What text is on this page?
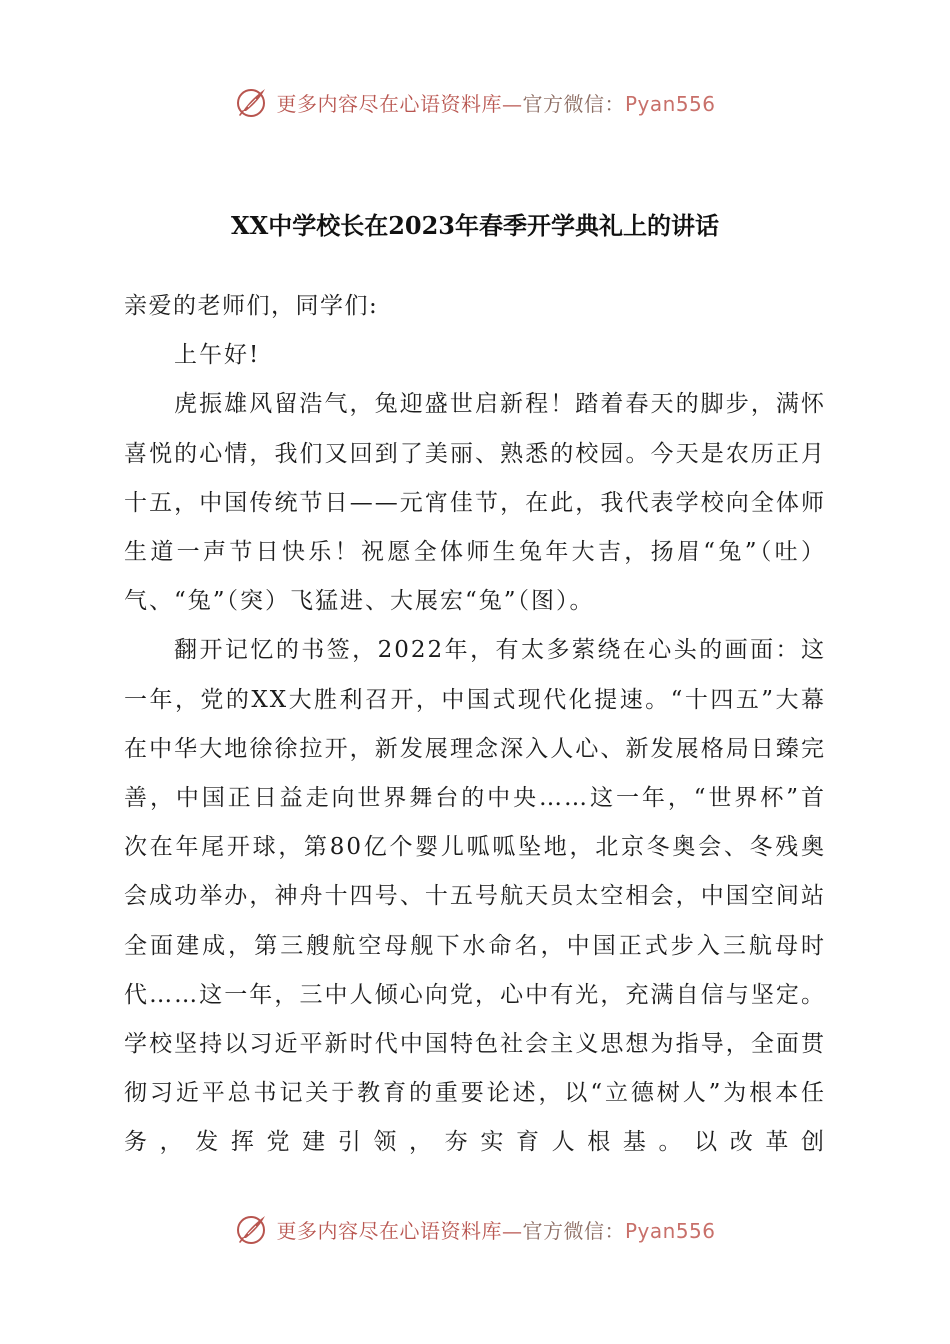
更多内容尽在心语资料库—官方微信：Pyan556
XX中学校长在2023年春季开学典礼上的讲话

亲爱的老师们，同学们:

上午好!

虎振雄风留浩气，兔迎盛世启新程！踏着春天的脚步，满怀喜悦的心情，我们又回到了美丽、熟悉的校园。今天是农历正月十五，中国传统节日——元宵佳节，在此，我代表学校向全体师生道一声节日快乐！祝愿全体师生兔年大吉，扬眉“兔”（吐）气、“兔”（突）飞猛进、大展宏“兔”（图）。

翻开记忆的书签，2022年，有太多萦绕在心头的画面：这一年，党的XX大胜利召开，中国式现代化提速。“十四五”大幕在中华大地徐徐拉开，新发展理念深入人心、新发展格局日臻完善，中国正日益走向世界舞台的中央……这一年，“世界杯”首次在年尾开球，第80亿个婴儿呱呱坠地，北京冬奥会、冬残奥会成功举办，神舟十四号、十五号航天员太空相会，中国空间站全面建成，第三艘航空母舰下水命名，中国正式步入三航母时代……这一年，三中人倾心向党，心中有光，充满自信与坚定。学校坚持以习近平新时代中国特色社会主义思想为指导，全面贯彻习近平总书记关于教育的重要论述，以“立德树人”为根本任务，发挥党建引领，夯实育人根基。以改革创

更多内容尽在心语资料库—官方微信：Pyan556
